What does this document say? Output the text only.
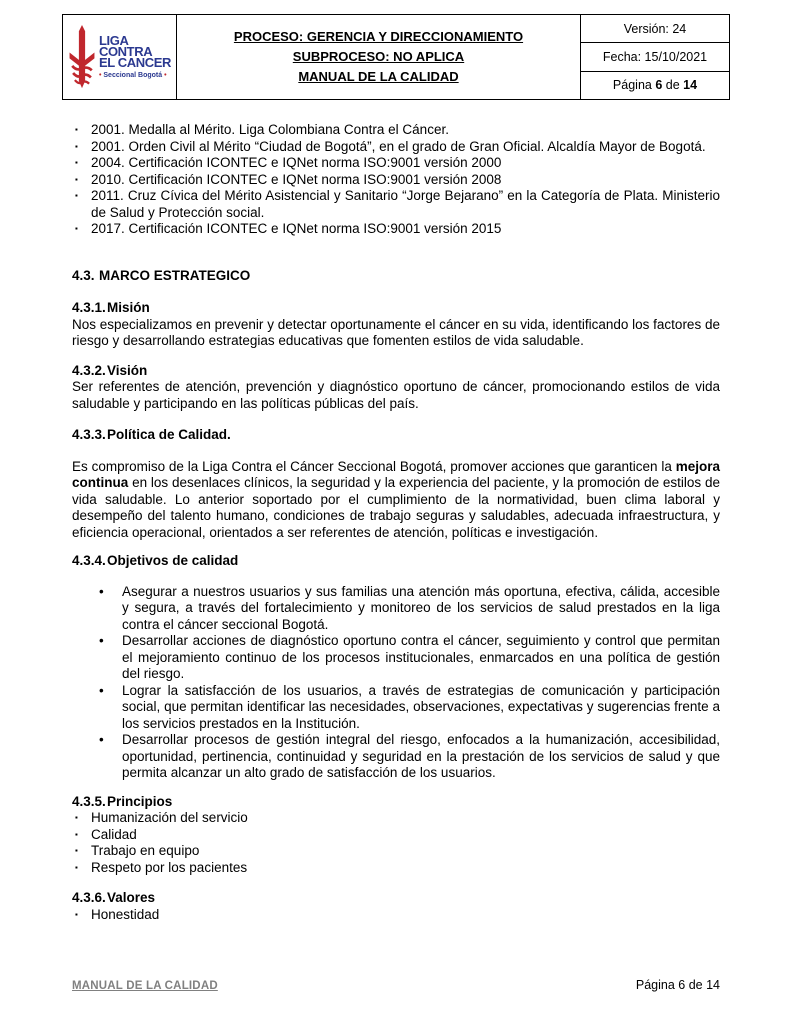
LIGA
CONTRA
EL CANCER
• Seccional Bogotá •
PROCESO: GERENCIA Y DIRECCIONAMIENTO
SUBPROCESO: NO APLICA
MANUAL DE LA CALIDAD
Versión: 24
Fecha: 15/10/2021
Página
6
de
14
▪ 2001. Medalla al Mérito. Liga Colombiana Contra el Cáncer.
▪ 2001. Orden Civil al Mérito “Ciudad de Bogotá”, en el grado de Gran Oficial. Alcaldía Mayor de Bogotá.
▪ 2004. Certificación ICONTEC e IQNet norma ISO:9001 versión 2000
▪ 2010. Certificación ICONTEC e IQNet norma ISO:9001 versión 2008
▪ 2011. Cruz Cívica del Mérito Asistencial y Sanitario “Jorge Bejarano” en la Categoría de Plata. Ministerio de Salud y Protección social.
▪ 2017. Certificación ICONTEC e IQNet norma ISO:9001 versión 2015
4.3. MARCO ESTRATEGICO
4.3.1. Misión
Nos especializamos en prevenir y detectar oportunamente el cáncer en su vida, identificando los factores de riesgo y desarrollando estrategias educativas que fomenten estilos de vida saludable.
4.3.2. Visión
Ser referentes de atención, prevención y diagnóstico oportuno de cáncer, promocionando estilos de vida saludable y participando en las políticas públicas del país.
4.3.3. Política de Calidad.
Es compromiso de la Liga Contra el Cáncer Seccional Bogotá, promover acciones que garanticen la mejora continua en los desenlaces clínicos, la seguridad y la experiencia del paciente, y la promoción de estilos de vida saludable. Lo anterior soportado por el cumplimiento de la normatividad, buen clima laboral y desempeño del talento humano, condiciones de trabajo seguras y saludables, adecuada infraestructura, y eficiencia operacional, orientados a ser referentes de atención, políticas e investigación.
4.3.4. Objetivos de calidad
•	Asegurar a nuestros usuarios y sus familias una atención más oportuna, efectiva, cálida, accesible y segura, a través del fortalecimiento y monitoreo de los servicios de salud prestados en la liga contra el cáncer seccional Bogotá.
•	Desarrollar acciones de diagnóstico oportuno contra el cáncer, seguimiento y control que permitan el mejoramiento continuo de los procesos institucionales, enmarcados en una política de gestión del riesgo.
•	Lograr la satisfacción de los usuarios, a través de estrategias de comunicación y participación social, que permitan identificar las necesidades, observaciones, expectativas y sugerencias frente a los servicios prestados en la Institución.
•	Desarrollar procesos de gestión integral del riesgo, enfocados a la humanización, accesibilidad, oportunidad, pertinencia, continuidad y seguridad en la prestación de los servicios de salud y que permita alcanzar un alto grado de satisfacción de los usuarios.
4.3.5. Principios
▪ Humanización del servicio
▪ Calidad
▪ Trabajo en equipo
▪ Respeto por los pacientes
4.3.6. Valores
▪ Honestidad
MANUAL DE LA CALIDAD	Página 6 de 14
